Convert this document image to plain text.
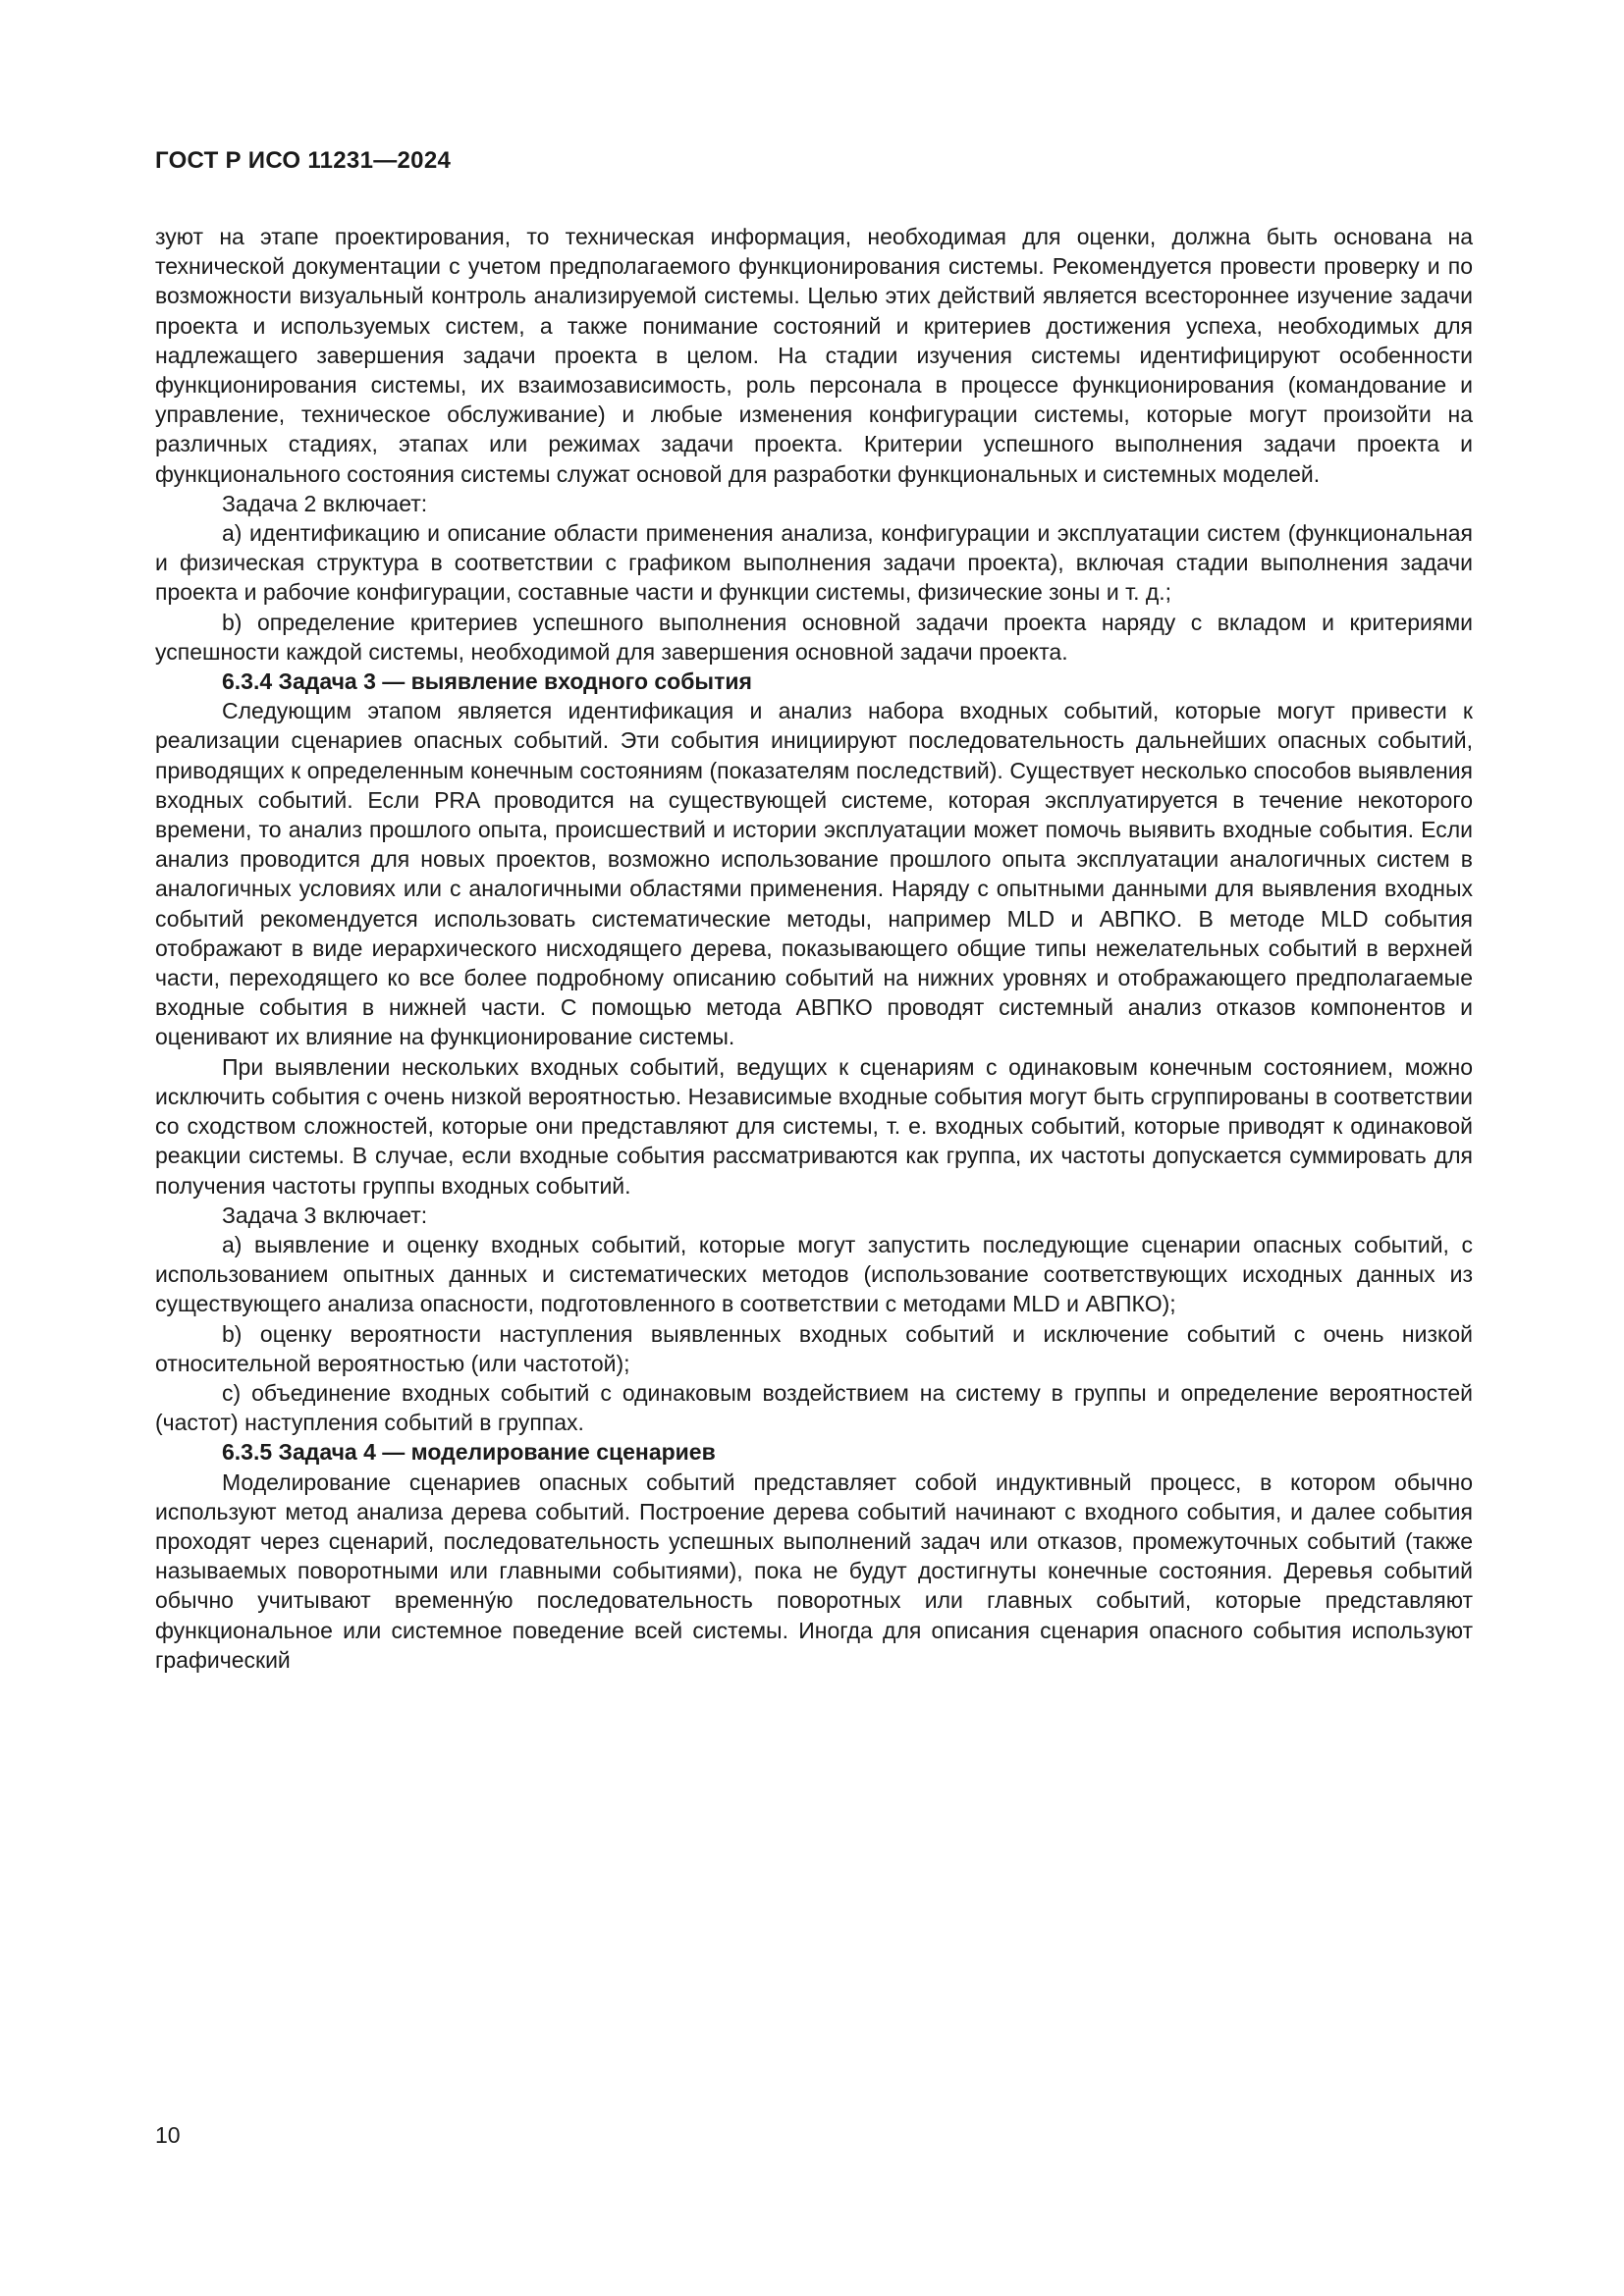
ГОСТ Р ИСО 11231—2024

зуют на этапе проектирования, то техническая информация, необходимая для оценки, должна быть основана на технической документации с учетом предполагаемого функционирования системы. Рекомендуется провести проверку и по возможности визуальный контроль анализируемой системы. Целью этих действий является всестороннее изучение задачи проекта и используемых систем, а также понимание состояний и критериев достижения успеха, необходимых для надлежащего завершения задачи проекта в целом. На стадии изучения системы идентифицируют особенности функционирования системы, их взаимозависимость, роль персонала в процессе функционирования (командование и управление, техническое обслуживание) и любые изменения конфигурации системы, которые могут произойти на различных стадиях, этапах или режимах задачи проекта. Критерии успешного выполнения задачи проекта и функционального состояния системы служат основой для разработки функциональных и системных моделей.

Задача 2 включает:

a) идентификацию и описание области применения анализа, конфигурации и эксплуатации систем (функциональная и физическая структура в соответствии с графиком выполнения задачи проекта), включая стадии выполнения задачи проекта и рабочие конфигурации, составные части и функции системы, физические зоны и т. д.;

b) определение критериев успешного выполнения основной задачи проекта наряду с вкладом и критериями успешности каждой системы, необходимой для завершения основной задачи проекта.

6.3.4 Задача 3 — выявление входного события

Следующим этапом является идентификация и анализ набора входных событий, которые могут привести к реализации сценариев опасных событий. Эти события инициируют последовательность дальнейших опасных событий, приводящих к определенным конечным состояниям (показателям последствий). Существует несколько способов выявления входных событий. Если PRA проводится на существующей системе, которая эксплуатируется в течение некоторого времени, то анализ прошлого опыта, происшествий и истории эксплуатации может помочь выявить входные события. Если анализ проводится для новых проектов, возможно использование прошлого опыта эксплуатации аналогичных систем в аналогичных условиях или с аналогичными областями применения. Наряду с опытными данными для выявления входных событий рекомендуется использовать систематические методы, например MLD и АВПКО. В методе MLD события отображают в виде иерархического нисходящего дерева, показывающего общие типы нежелательных событий в верхней части, переходящего ко все более подробному описанию событий на нижних уровнях и отображающего предполагаемые входные события в нижней части. С помощью метода АВПКО проводят системный анализ отказов компонентов и оценивают их влияние на функционирование системы.

При выявлении нескольких входных событий, ведущих к сценариям с одинаковым конечным состоянием, можно исключить события с очень низкой вероятностью. Независимые входные события могут быть сгруппированы в соответствии со сходством сложностей, которые они представляют для системы, т. е. входных событий, которые приводят к одинаковой реакции системы. В случае, если входные события рассматриваются как группа, их частоты допускается суммировать для получения частоты группы входных событий.

Задача 3 включает:

a) выявление и оценку входных событий, которые могут запустить последующие сценарии опасных событий, с использованием опытных данных и систематических методов (использование соответствующих исходных данных из существующего анализа опасности, подготовленного в соответствии с методами MLD и АВПКО);

b) оценку вероятности наступления выявленных входных событий и исключение событий с очень низкой относительной вероятностью (или частотой);

c) объединение входных событий с одинаковым воздействием на систему в группы и определение вероятностей (частот) наступления событий в группах.

6.3.5 Задача 4 — моделирование сценариев

Моделирование сценариев опасных событий представляет собой индуктивный процесс, в котором обычно используют метод анализа дерева событий. Построение дерева событий начинают с входного события, и далее события проходят через сценарий, последовательность успешных выполнений задач или отказов, промежуточных событий (также называемых поворотными или главными событиями), пока не будут достигнуты конечные состояния. Деревья событий обычно учитывают временну́ю последовательность поворотных или главных событий, которые представляют функциональное или системное поведение всей системы. Иногда для описания сценария опасного события используют графический

10
